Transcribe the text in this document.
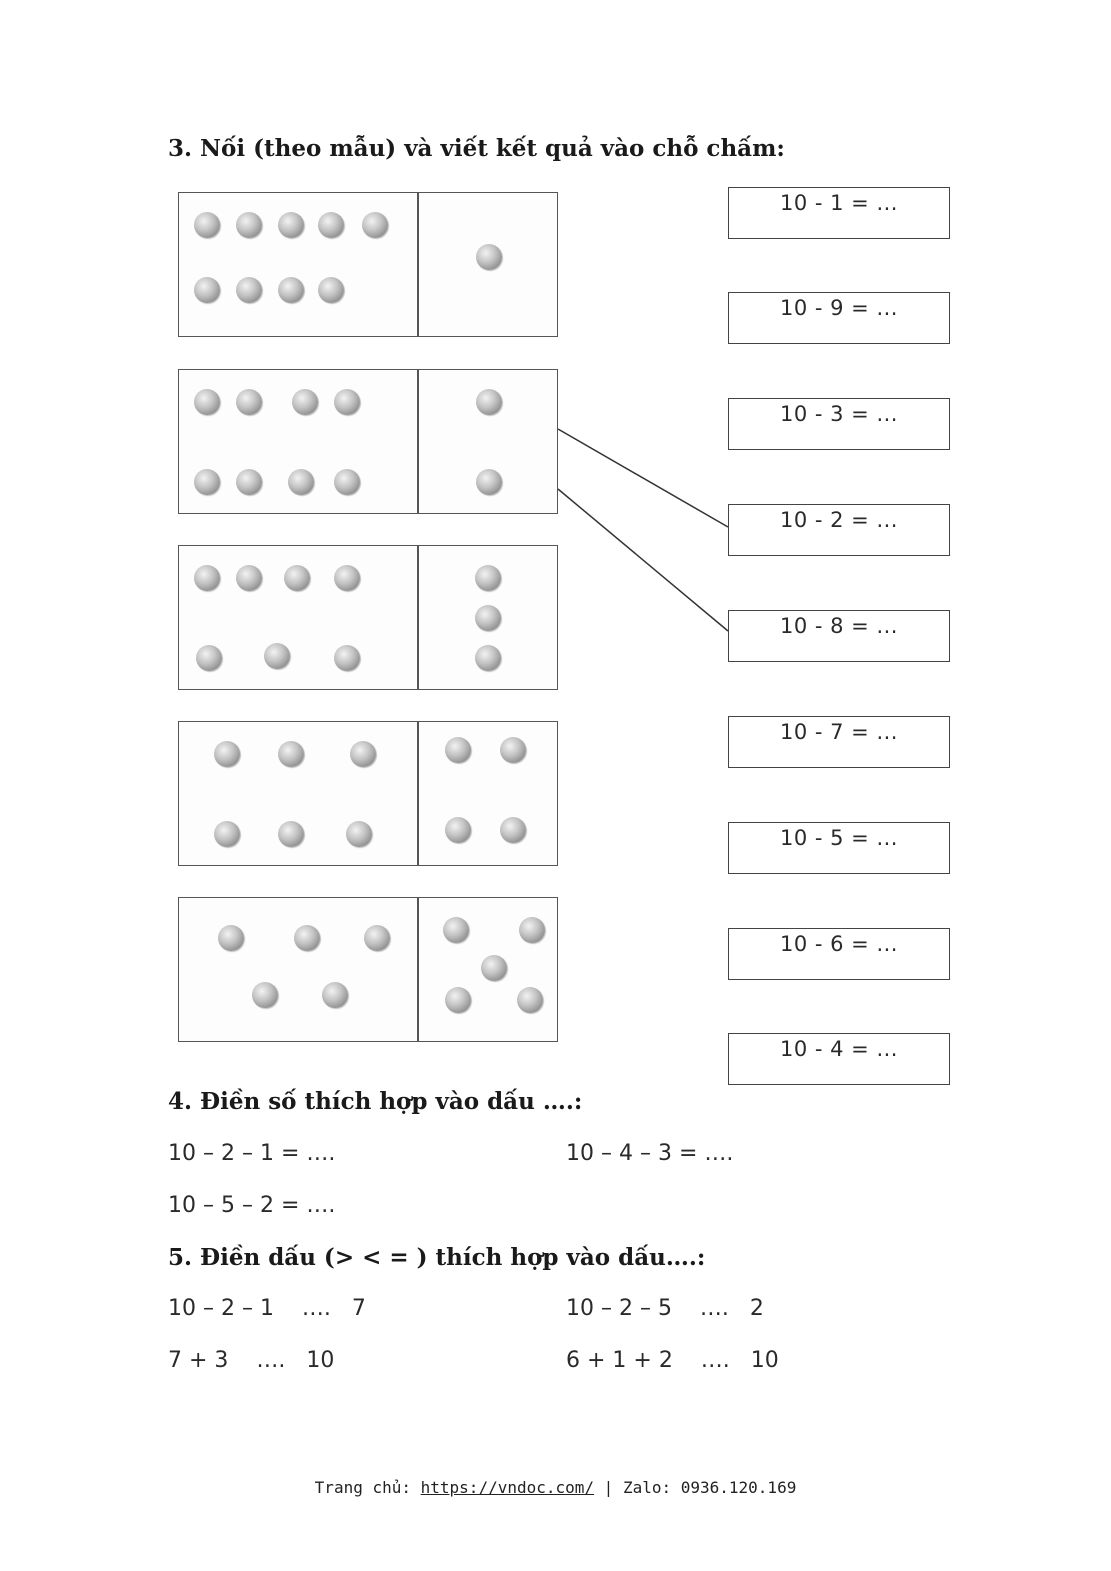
3. Nối (theo mẫu) và viết kết quả vào chỗ chấm:
10 - 1 = ...
10 - 9 = ...
10 - 3 = ...
10 - 2 = ...
10 - 8 = ...
10 - 7 = ...
10 - 5 = ...
10 - 6 = ...
10 - 4 = ...
4. Điền số thích hợp vào dấu ….:
10 – 2 – 1 = ….	10 – 4 – 3 = ….
10 – 5 – 2 = ….
5. Điền dấu (> < = ) thích hợp vào dấu….:
10 – 2 – 1    ….   7	10 – 2 – 5    ….   2
7 + 3    ….   10	6 + 1 + 2    ….   10
Trang chủ: https://vndoc.com/ | Zalo: 0936.120.169
